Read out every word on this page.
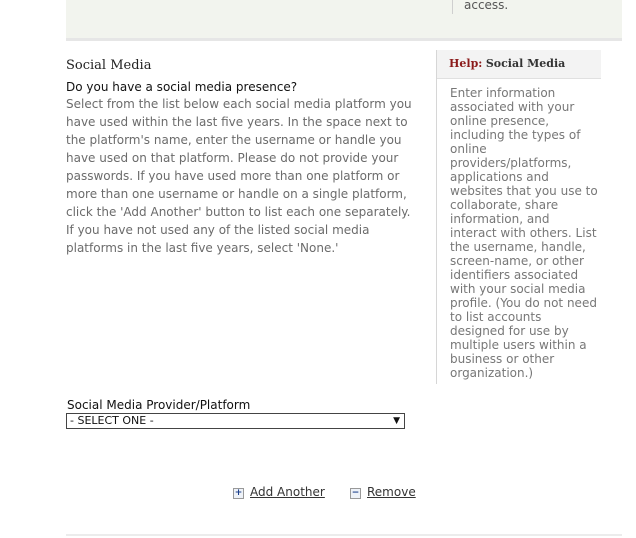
access.
Social Media
Do you have a social media presence?
Select from the list below each social media platform you have used within the last five years. In the space next to the platform's name, enter the username or handle you have used on that platform. Please do not provide your passwords. If you have used more than one platform or more than one username or handle on a single platform, click the 'Add Another' button to list each one separately. If you have not used any of the listed social media platforms in the last five years, select 'None.'
Help: Social Media
Enter information associated with your online presence, including the types of online providers/platforms, applications and websites that you use to collaborate, share information, and interact with others. List the username, handle, screen-name, or other identifiers associated with your social media profile. (You do not need to list accounts designed for use by multiple users within a business or other organization.)
Social Media Provider/Platform
- SELECT ONE -	▼
+ Add Another	− Remove
